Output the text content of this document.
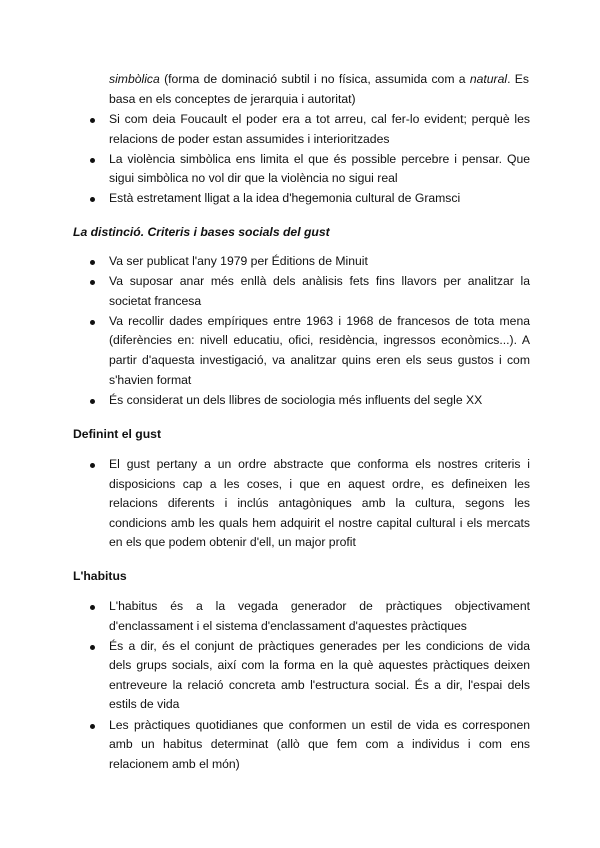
simbòlica (forma de dominació subtil i no física, assumida com a natural. Es basa en els conceptes de jerarquia i autoritat)
Si com deia Foucault el poder era a tot arreu, cal fer-lo evident; perquè les relacions de poder estan assumides i interioritzades
La violència simbòlica ens limita el que és possible percebre i pensar. Que sigui simbòlica no vol dir que la violència no sigui real
Està estretament lligat a la idea d'hegemonia cultural de Gramsci
La distinció. Criteris i bases socials del gust
Va ser publicat l'any 1979 per Éditions de Minuit
Va suposar anar més enllà dels anàlisis fets fins llavors per analitzar la societat francesa
Va recollir dades empíriques entre 1963 i 1968 de francesos de tota mena (diferències en: nivell educatiu, ofici, residència, ingressos econòmics...). A partir d'aquesta investigació, va analitzar quins eren els seus gustos i com s'havien format
És considerat un dels llibres de sociologia més influents del segle XX
Definint el gust
El gust pertany a un ordre abstracte que conforma els nostres criteris i disposicions cap a les coses, i que en aquest ordre, es defineixen les relacions diferents i inclús antagòniques amb la cultura, segons les condicions amb les quals hem adquirit el nostre capital cultural i els mercats en els que podem obtenir d'ell, un major profit
L'habitus
L'habitus és a la vegada generador de pràctiques objectivament d'enclassament i el sistema d'enclassament d'aquestes pràctiques
És a dir, és el conjunt de pràctiques generades per les condicions de vida dels grups socials, així com la forma en la què aquestes pràctiques deixen entreveure la relació concreta amb l'estructura social. És a dir, l'espai dels estils de vida
Les pràctiques quotidianes que conformen un estil de vida es corresponen amb un habitus determinat (allò que fem com a individus i com ens relacionem amb el món)
